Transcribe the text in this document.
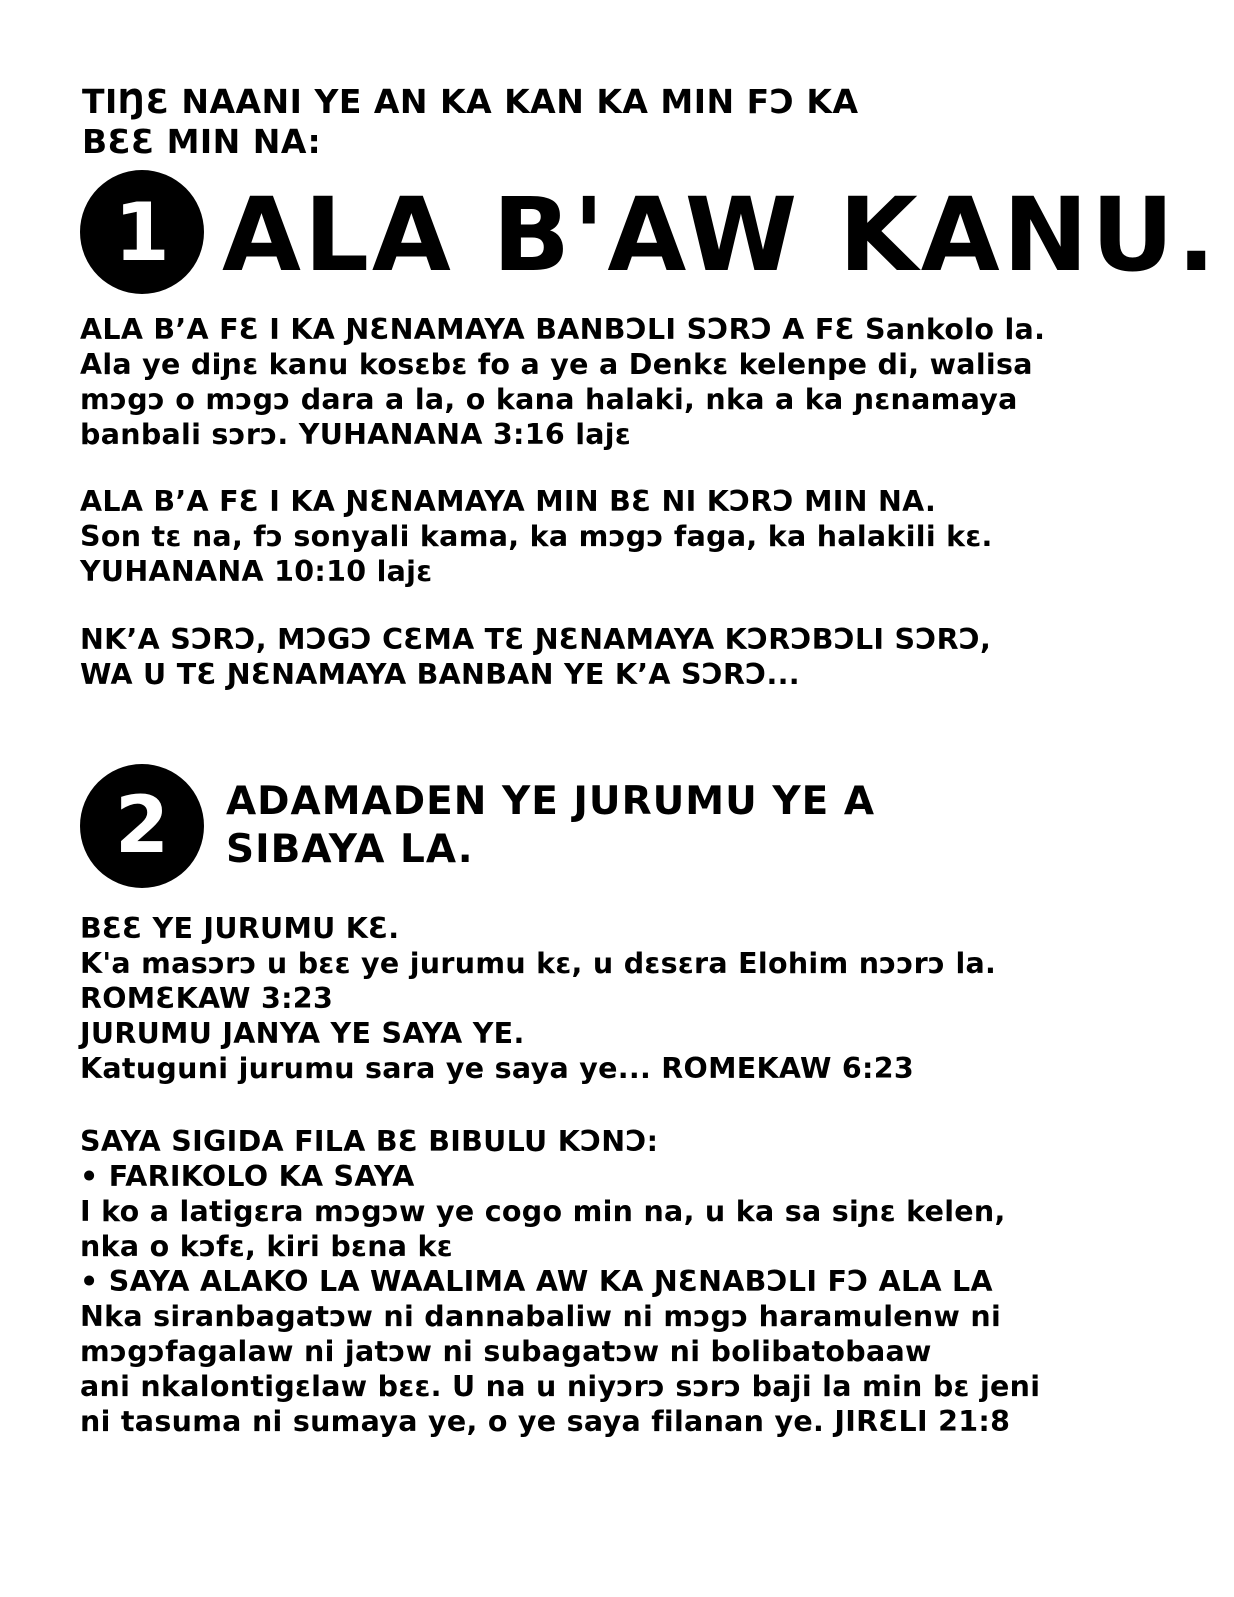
TIŊƐ NAANI YE AN KA KAN KA MIN FƆ KA

BƐƐ MIN NA:

1 ALA B'AW KANU.

ALA B’A FƐ I KA ƝƐNAMAYA BANBƆLI SƆRƆ A FƐ Sankolo la.

Ala ye diɲɛ kanu kosɛbɛ fo a ye a Denkɛ kelenpe di, walisa

mɔgɔ o mɔgɔ dara a la, o kana halaki, nka a ka ɲɛnamaya

banbali sɔrɔ. YUHANANA 3:16 lajɛ

ALA B’A FƐ I KA ƝƐNAMAYA MIN BƐ NI KƆRƆ MIN NA.

Son tɛ na, fɔ sonyali kama, ka mɔgɔ faga, ka halakili kɛ.

YUHANANA 10:10 lajɛ

NK’A SƆRƆ, MƆGƆ CƐMA TƐ ƝƐNAMAYA KƆRƆBƆLI SƆRƆ,

WA U TƐ ƝƐNAMAYA BANBAN YE K’A SƆRƆ...

2	ADAMADEN YE JURUMU YE A

SIBAYA LA.

BƐƐ YE JURUMU KƐ.

K'a masɔrɔ u bɛɛ ye jurumu kɛ, u dɛsɛra Elohim nɔɔrɔ la.

ROMƐKAW 3:23

JURUMU JANYA YE SAYA YE.

Katuguni jurumu sara ye saya ye... ROMEKAW 6:23

SAYA SIGIDA FILA BƐ BIBULU KƆNƆ:

• FARIKOLO KA SAYA

I ko a latigɛra mɔgɔw ye cogo min na, u ka sa siɲɛ kelen,

nka o kɔfɛ, kiri bɛna kɛ

• SAYA ALAKO LA WAALIMA AW KA ƝƐNABƆLI FƆ ALA LA

Nka siranbagatɔw ni dannabaliw ni mɔgɔ haramulenw ni

mɔgɔfagalaw ni jatɔw ni subagatɔw ni bolibatobaaw

ani nkalontigɛlaw bɛɛ. U na u niyɔrɔ sɔrɔ baji la min bɛ jeni

ni tasuma ni sumaya ye, o ye saya filanan ye. JIRƐLI 21:8
